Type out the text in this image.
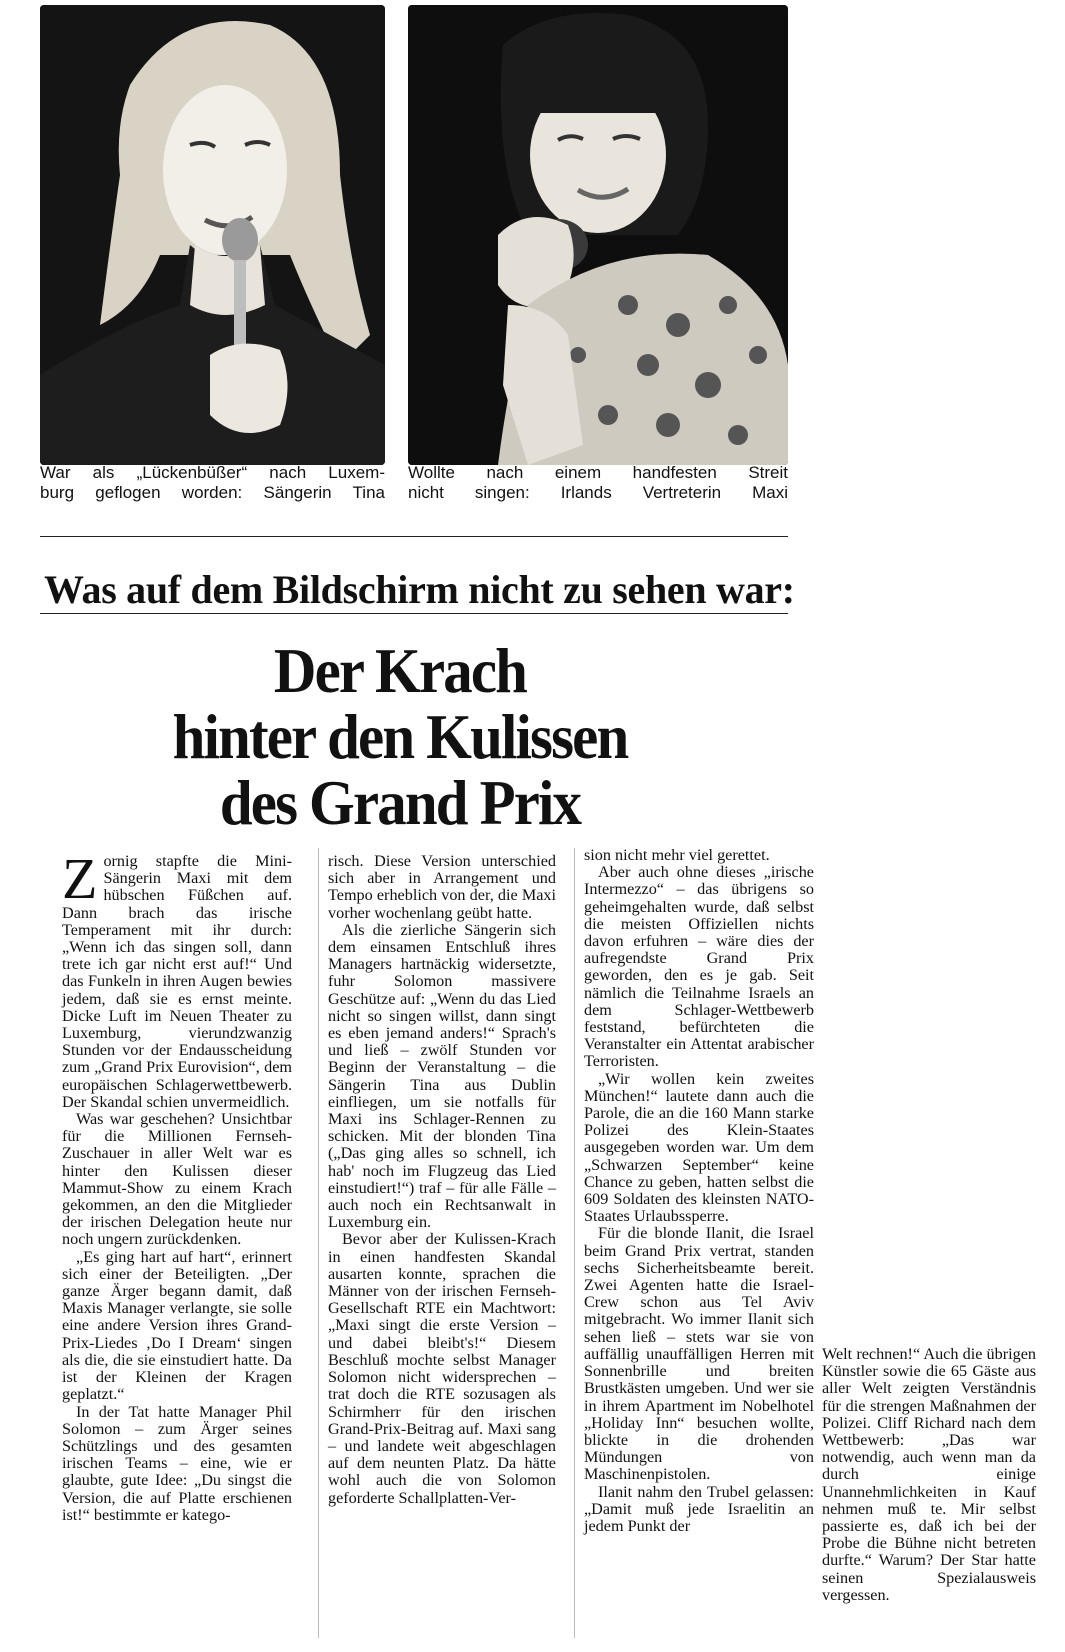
War als „Lückenbüßer“ nach Luxem-
burg geflogen worden: Sängerin Tina
Wollte nach einem handfesten Streit
nicht singen: Irlands Vertreterin Maxi
Was auf dem Bildschirm nicht zu sehen war:
Der Krach
hinter den Kulissen
des Grand Prix

Zornig stapfte die Mini-Sängerin Maxi mit dem hübschen Füßchen auf. Dann brach das irische Temperament mit ihr durch: „Wenn ich das singen soll, dann trete ich gar nicht erst auf!“ Und das Funkeln in ihren Augen bewies jedem, daß sie es ernst meinte. Dicke Luft im Neuen Theater zu Luxemburg, vierundzwanzig Stunden vor der Endausscheidung zum „Grand Prix Eurovision“, dem europäischen Schlagerwettbewerb. Der Skandal schien unvermeidlich.

Was war geschehen? Unsichtbar für die Millionen Fernseh-Zuschauer in aller Welt war es hinter den Kulissen dieser Mammut-Show zu einem Krach gekommen, an den die Mitglieder der irischen Delegation heute nur noch ungern zurückdenken.

„Es ging hart auf hart“, erinnert sich einer der Beteiligten. „Der ganze Ärger begann damit, daß Maxis Manager verlangte, sie solle eine andere Version ihres Grand-Prix-Liedes ‚Do I Dream‘ singen als die, die sie einstudiert hatte. Da ist der Kleinen der Kragen geplatzt.“

In der Tat hatte Manager Phil Solomon – zum Ärger seines Schützlings und des gesamten irischen Teams – eine, wie er glaubte, gute Idee: „Du singst die Version, die auf Platte erschienen ist!“ bestimmte er katego-

risch. Diese Version unterschied sich aber in Arrangement und Tempo erheblich von der, die Maxi vorher wochenlang geübt hatte.

Als die zierliche Sängerin sich dem einsamen Entschluß ihres Managers hartnäckig widersetzte, fuhr Solomon massivere Geschütze auf: „Wenn du das Lied nicht so singen willst, dann singt es eben jemand anders!“ Sprach's und ließ – zwölf Stunden vor Beginn der Veranstaltung – die Sängerin Tina aus Dublin einfliegen, um sie notfalls für Maxi ins Schlager-Rennen zu schicken. Mit der blonden Tina („Das ging alles so schnell, ich hab' noch im Flugzeug das Lied einstudiert!“) traf – für alle Fälle – auch noch ein Rechtsanwalt in Luxemburg ein.

Bevor aber der Kulissen-Krach in einen handfesten Skandal ausarten konnte, sprachen die Männer von der irischen Fernseh-Gesellschaft RTE ein Machtwort: „Maxi singt die erste Version – und dabei bleibt's!“ Diesem Beschluß mochte selbst Manager Solomon nicht widersprechen – trat doch die RTE sozusagen als Schirmherr für den irischen Grand-Prix-Beitrag auf. Maxi sang – und landete weit abgeschlagen auf dem neunten Platz. Da hätte wohl auch die von Solomon geforderte Schallplatten-Ver-

sion nicht mehr viel gerettet.

Aber auch ohne dieses „irische Intermezzo“ – das übrigens so geheimgehalten wurde, daß selbst die meisten Offiziellen nichts davon erfuhren – wäre dies der aufregendste Grand Prix geworden, den es je gab. Seit nämlich die Teilnahme Israels an dem Schlager-Wettbewerb feststand, befürchteten die Veranstalter ein Attentat arabischer Terroristen.

„Wir wollen kein zweites München!“ lautete dann auch die Parole, die an die 160 Mann starke Polizei des Klein-Staates ausgegeben worden war. Um dem „Schwarzen September“ keine Chance zu geben, hatten selbst die 609 Soldaten des kleinsten NATO-Staates Urlaubssperre.

Für die blonde Ilanit, die Israel beim Grand Prix vertrat, standen sechs Sicherheitsbeamte bereit. Zwei Agenten hatte die Israel-Crew schon aus Tel Aviv mitgebracht. Wo immer Ilanit sich sehen ließ – stets war sie von auffällig unauffälligen Herren mit Sonnenbrille und breiten Brustkästen umgeben. Und wer sie in ihrem Apartment im Nobelhotel „Holiday Inn“ besuchen wollte, blickte in die drohenden Mündungen von Maschinenpistolen.

Ilanit nahm den Trubel gelassen: „Damit muß jede Israelitin an jedem Punkt der

Welt rechnen!“ Auch die übrigen Künstler sowie die 65 Gäste aus aller Welt zeigten Verständnis für die strengen Maßnahmen der Polizei. Cliff Richard nach dem Wettbewerb: „Das war notwendig, auch wenn man da durch einige Unannehmlichkeiten in Kauf nehmen muß te. Mir selbst passierte es, daß ich bei der Probe die Bühne nicht betreten durfte.“ Warum? Der Star hatte seinen Spezialausweis vergessen.
